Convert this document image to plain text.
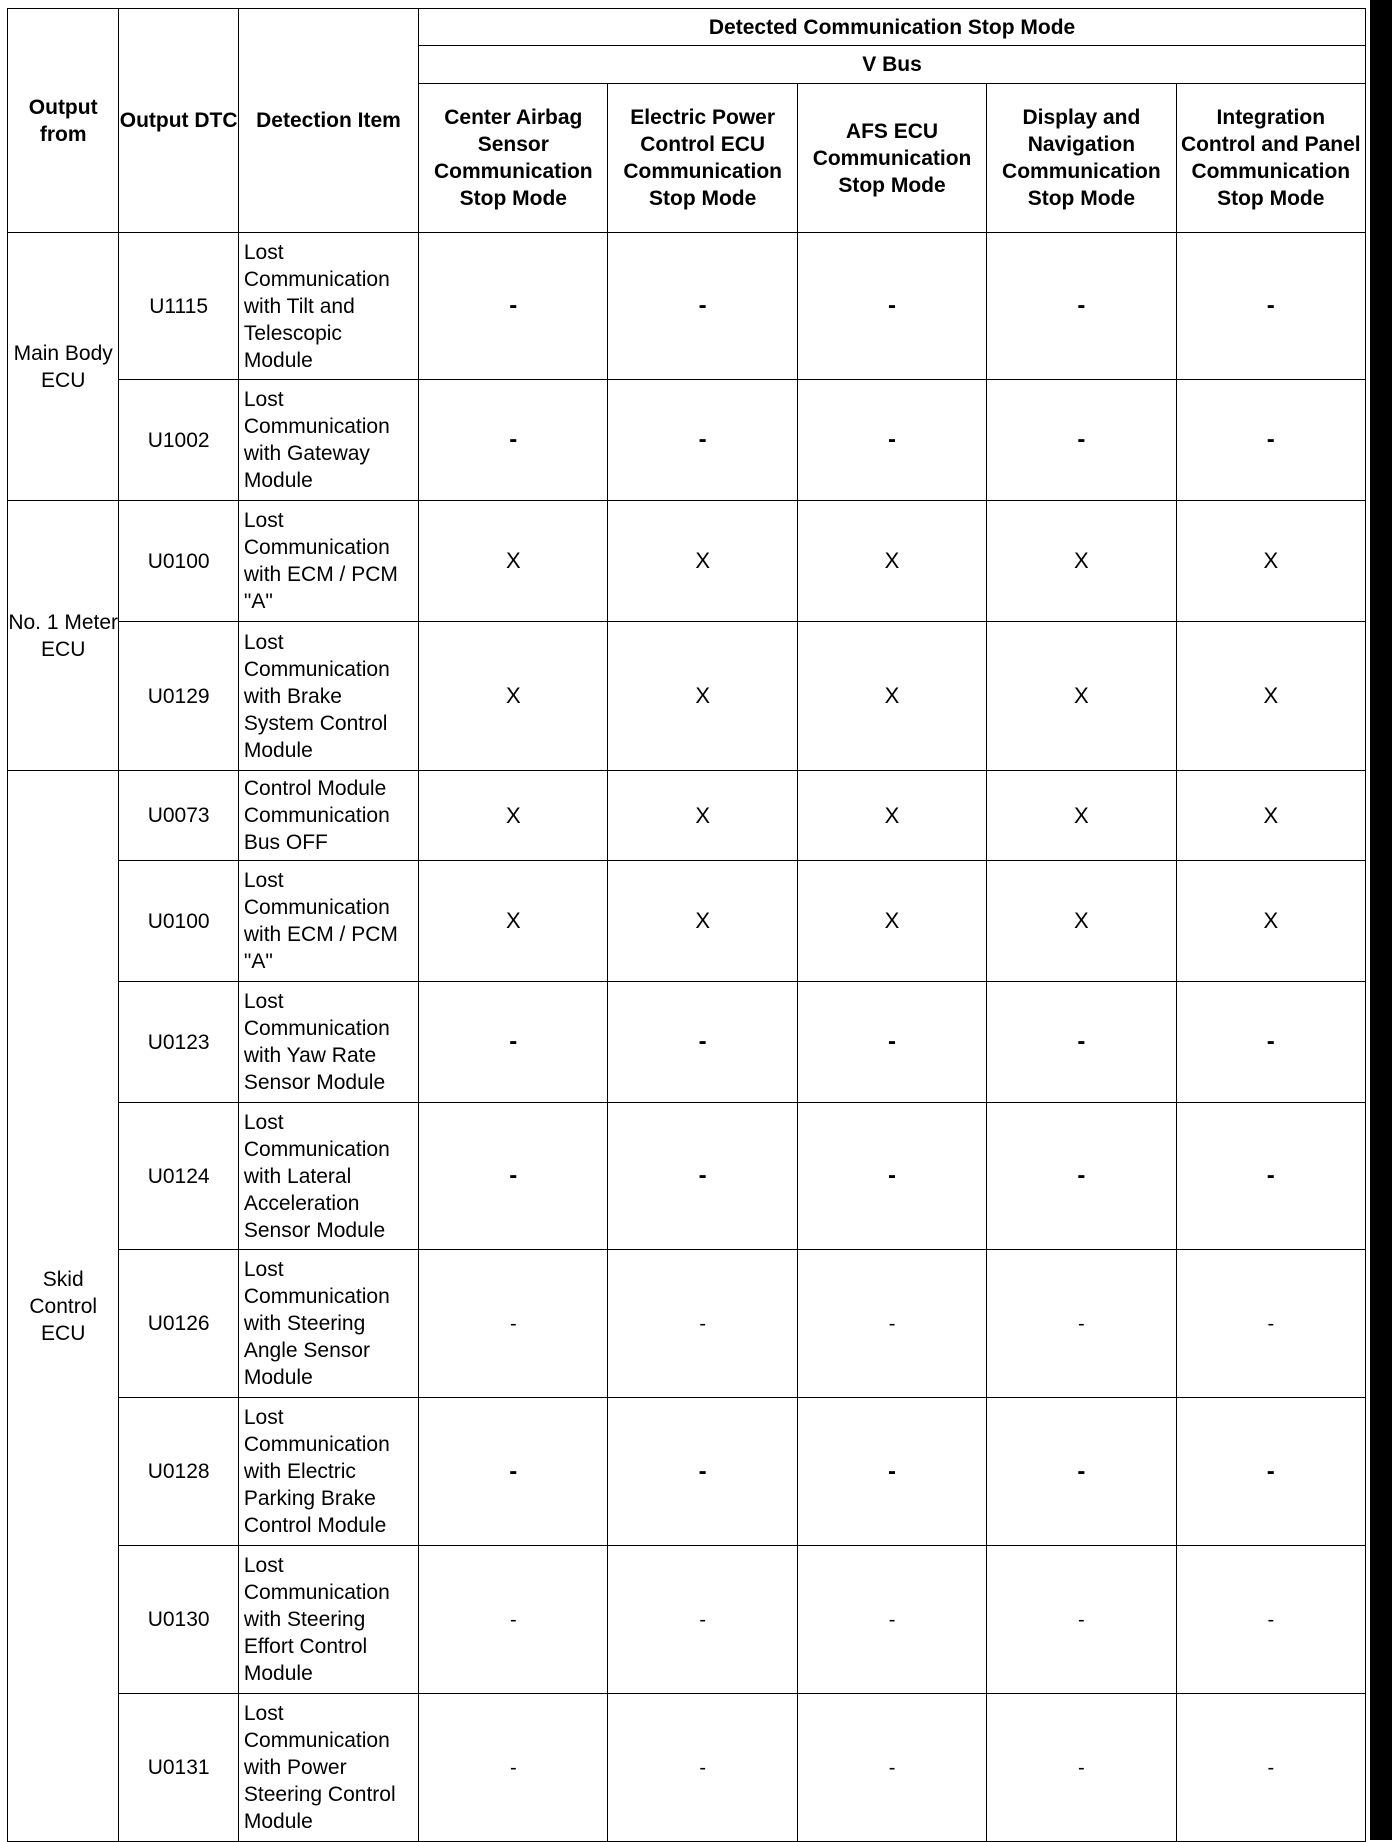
Output from	Output DTC	Detection Item	Detected Communication Stop Mode				
			V Bus				
			Center Airbag Sensor Communication Stop Mode	Electric Power Control ECU Communication Stop Mode	AFS ECU Communication Stop Mode	Display and Navigation Communication Stop Mode	Integration Control and Panel Communication Stop Mode
Main Body ECU	U1115	Lost Communication with Tilt and Telescopic Module	-	-	-	-	-
	U1002	Lost Communication with Gateway Module	-	-	-	-	-
No. 1 Meter ECU	U0100	Lost Communication with ECM / PCM "A"	X	X	X	X	X
	U0129	Lost Communication with Brake System Control Module	X	X	X	X	X
Skid Control ECU	U0073	Control Module Communication Bus OFF	X	X	X	X	X
	U0100	Lost Communication with ECM / PCM "A"	X	X	X	X	X
	U0123	Lost Communication with Yaw Rate Sensor Module	-	-	-	-	-
	U0124	Lost Communication with Lateral Acceleration Sensor Module	-	-	-	-	-
	U0126	Lost Communication with Steering Angle Sensor Module	-	-	-	-	-
	U0128	Lost Communication with Electric Parking Brake Control Module	-	-	-	-	-
	U0130	Lost Communication with Steering Effort Control Module	-	-	-	-	-
	U0131	Lost Communication with Power Steering Control Module	-	-	-	-	-
